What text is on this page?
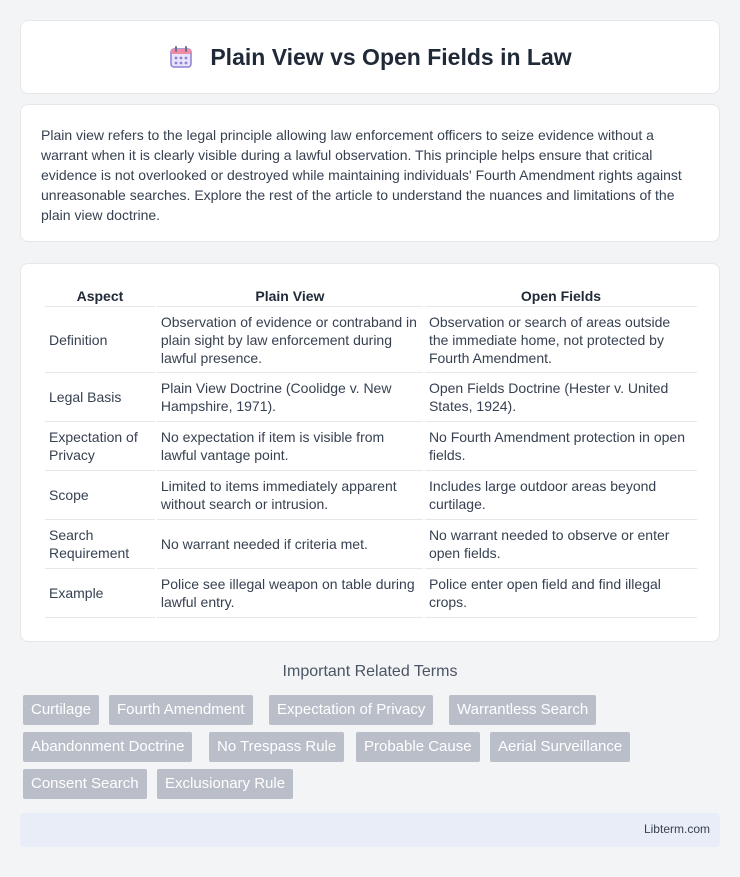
Plain View vs Open Fields in Law

Plain view refers to the legal principle allowing law enforcement officers to seize evidence without a warrant when it is clearly visible during a lawful observation. This principle helps ensure that critical evidence is not overlooked or destroyed while maintaining individuals' Fourth Amendment rights against unreasonable searches. Explore the rest of the article to understand the nuances and limitations of the plain view doctrine.

Aspect	Plain View	Open Fields
Definition	Observation of evidence or contraband in plain sight by law enforcement during lawful presence.	Observation or search of areas outside the immediate home, not protected by Fourth Amendment.
Legal Basis	Plain View Doctrine (Coolidge v. New Hampshire, 1971).	Open Fields Doctrine (Hester v. United States, 1924).
Expectation of Privacy	No expectation if item is visible from lawful vantage point.	No Fourth Amendment protection in open fields.
Scope	Limited to items immediately apparent without search or intrusion.	Includes large outdoor areas beyond curtilage.
Search Requirement	No warrant needed if criteria met.	No warrant needed to observe or enter open fields.
Example	Police see illegal weapon on table during lawful entry.	Police enter open field and find illegal crops.
Important Related Terms
Curtilage	Fourth Amendment	Expectation of Privacy	Warrantless Search
Abandonment Doctrine	No Trespass Rule	Probable Cause	Aerial Surveillance
Consent Search	Exclusionary Rule
Libterm.com
